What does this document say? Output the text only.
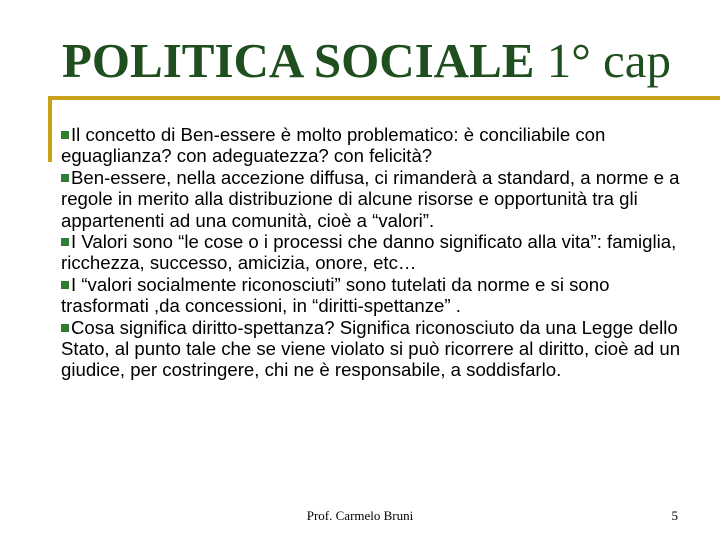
POLITICA SOCIALE 1° cap
Il concetto di Ben-essere è molto problematico: è conciliabile con eguaglianza? con adeguatezza? con felicità?
Ben-essere, nella accezione diffusa, ci rimanderà a standard, a norme e a regole in merito alla distribuzione di alcune risorse e opportunità tra gli appartenenti ad una comunità, cioè a “valori”.
I Valori sono “le cose o i processi che danno significato alla vita”: famiglia, ricchezza, successo, amicizia, onore, etc…
I “valori socialmente riconosciuti” sono tutelati da norme e si sono trasformati ,da concessioni, in “diritti-spettanze” .
Cosa significa diritto-spettanza? Significa riconosciuto da una Legge dello Stato, al punto tale che se viene violato si può ricorrere al diritto, cioè ad un giudice, per costringere, chi ne è responsabile, a soddisfarlo.
Prof. Carmelo Bruni	5
